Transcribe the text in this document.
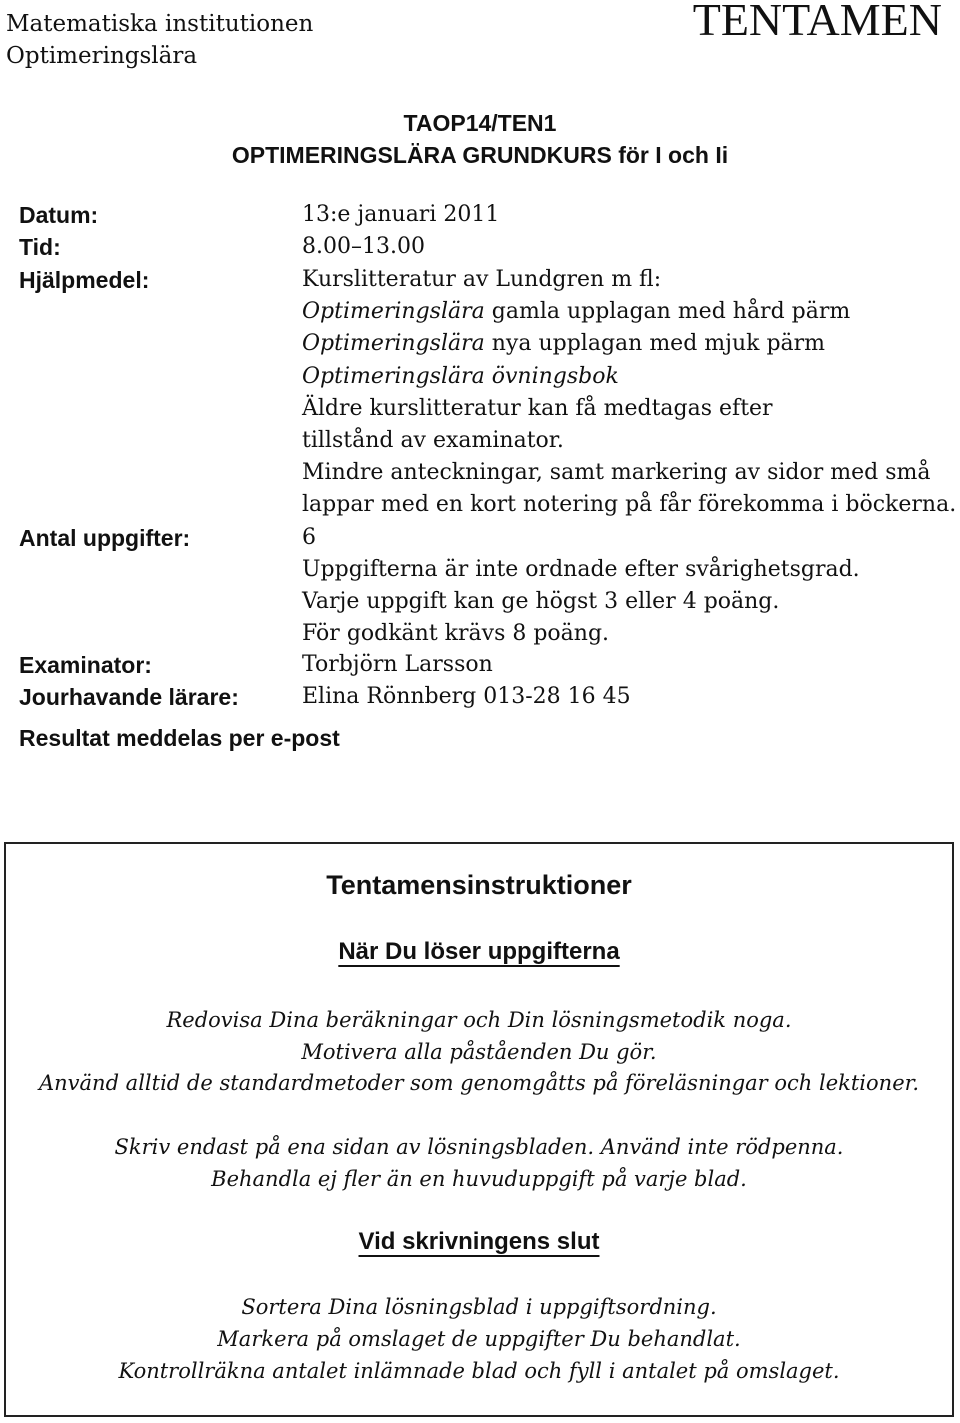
Matematiska institutionen
Optimeringslära
TENTAMEN
TAOP14/TEN1
OPTIMERINGSLÄRA GRUNDKURS för I och Ii
Datum:	13:e januari 2011
Tid:	8.00–13.00
Hjälpmedel:	Kurslitteratur av Lundgren m fl:
Optimeringslära gamla upplagan med hård pärm
Optimeringslära nya upplagan med mjuk pärm
Optimeringslära övningsbok
Äldre kurslitteratur kan få medtagas efter
tillstånd av examinator.
Mindre anteckningar, samt markering av sidor med små
lappar med en kort notering på får förekomma i böckerna.
Antal uppgifter:	6
Uppgifterna är inte ordnade efter svårighetsgrad.
Varje uppgift kan ge högst 3 eller 4 poäng.
För godkänt krävs 8 poäng.
Examinator:	Torbjörn Larsson
Jourhavande lärare:	Elina Rönnberg 013-28 16 45
Resultat meddelas per e-post
Tentamensinstruktioner
När Du löser uppgifterna
Redovisa Dina beräkningar och Din lösningsmetodik noga.
Motivera alla påståenden Du gör.
Använd alltid de standardmetoder som genomgåtts på föreläsningar och lektioner.
Skriv endast på ena sidan av lösningsbladen. Använd inte rödpenna.
Behandla ej fler än en huvuduppgift på varje blad.
Vid skrivningens slut
Sortera Dina lösningsblad i uppgiftsordning.
Markera på omslaget de uppgifter Du behandlat.
Kontrollräkna antalet inlämnade blad och fyll i antalet på omslaget.
